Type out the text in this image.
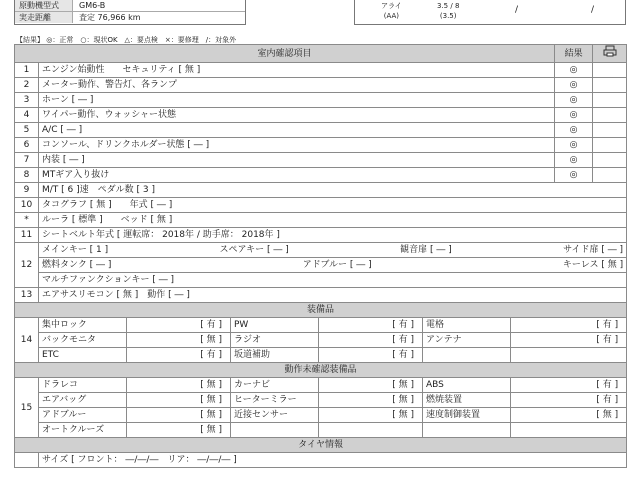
原動機型式	GM6-B
実走距離	査定 76,966 km
アライ
(AA)
3.5 / 8
(3.5)
/	/
【結果】 ◎：正常　○：現状OK　△：要点検　×：要修理　/：対象外
室内確認項目							結果	
1	エンジン始動性　　セキュリティ [ 無 ]						◎	
2	メーター動作、警告灯、各ランプ						◎	
3	ホーン [ ― ]						◎	
4	ワイパー動作、ウォッシャー状態						◎	
5	A/C [ ― ]						◎	
6	コンソール、ドリンクホルダー状態 [ ― ]						◎	
7	内装 [ ― ]						◎	
8	MTギア入り抜け						◎	
9	M/T [ 6 ]速　ペダル数 [ 3 ]							
10	タコグラフ [ 無 ]　　年式 [ ― ]							
*	ルーラ [ 標準 ]　　ベッド [ 無 ]							
11	シートベルト年式 [ 運転席： 2018年 / 助手席： 2018年 ]							
12	メインキー [ 1 ] スペアキー [ ― ] 観音扉 [ ― ] サイド扉 [ ― ]							

	燃料タンク [ ― ] アドブルー [ ― ] キーレス [ 無 ]							

	マルチファンクションキー [ ― ]							
13	エアサスリモコン [ 無 ]　動作 [ ― ]							
装備品								
14	集中ロック	[ 有 ]	PW	[ 有 ]	電格	[ 有 ]		
	バックモニタ	[ 無 ]	ラジオ	[ 有 ]	アンテナ	[ 有 ]		
	ETC	[ 有 ]	坂道補助	[ 有 ]				
動作未確認装備品								
15	ドラレコ	[ 無 ]	カーナビ	[ 無 ]	ABS	[ 有 ]		
	エアバッグ	[ 無 ]	ヒーターミラー	[ 無 ]	燃焼装置	[ 有 ]		
	アドブルー	[ 無 ]	近接センサー	[ 無 ]	速度制御装置	[ 無 ]		
	オートクルーズ	[ 無 ]						
タイヤ情報								
	サイズ [ フロント： ―/―/―　リア： ―/―/― ]							
